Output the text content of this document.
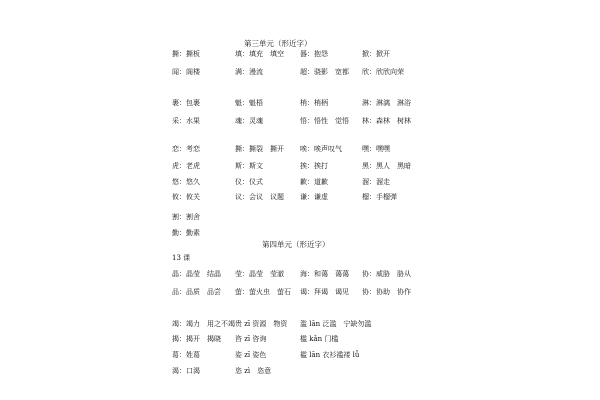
第三单元（形近字）
撕：撕板	填：填充　填空 器：抱怨	掀：掀开
闻：阁楼	满：漫流	超：骁影　宽都 欣：欣欣向荣
裹：包裹	魁：魁梧	梢：梢柄	淋：淋漓　淋浴
采：水果	魂：灵魂	悟：悟性　觉悟 林：森林　树林
恋：考恋	撕：撕裂　撕开 唉：唉声叹气	嘿：嘿嘿
虎：老虎	斯：斯文	挨：挨打	黑：黑人　黑暗
悠：悠久	仪：仪式	歉：道歉	溜：溜走
攸：攸关	议：会议　议题 谦：谦虚	榴：手榴弹
割：割舍
勤：勤素
第四单元（形近字）
13 课
晶：晶莹　结晶 莹：晶莹　莹澈 海：和蔼　蔼蔼 协：威胁　胁从
品：品质　品尝 萤：萤火虫　萤石 谒：拜谒　谒见 协：协助　协作
竭：竭力　用之不竭 贵 zī 资源　物资 滥 lān 泛滥　宁缺勿滥
揭：揭开　揭晓 咨 zī 咨询	槛 kǎn 门槛
葛：姓葛	姿 zī 姿色	褴 lān 衣衫褴褛 lǚ
渴：口渴	恣 zì　恣意
